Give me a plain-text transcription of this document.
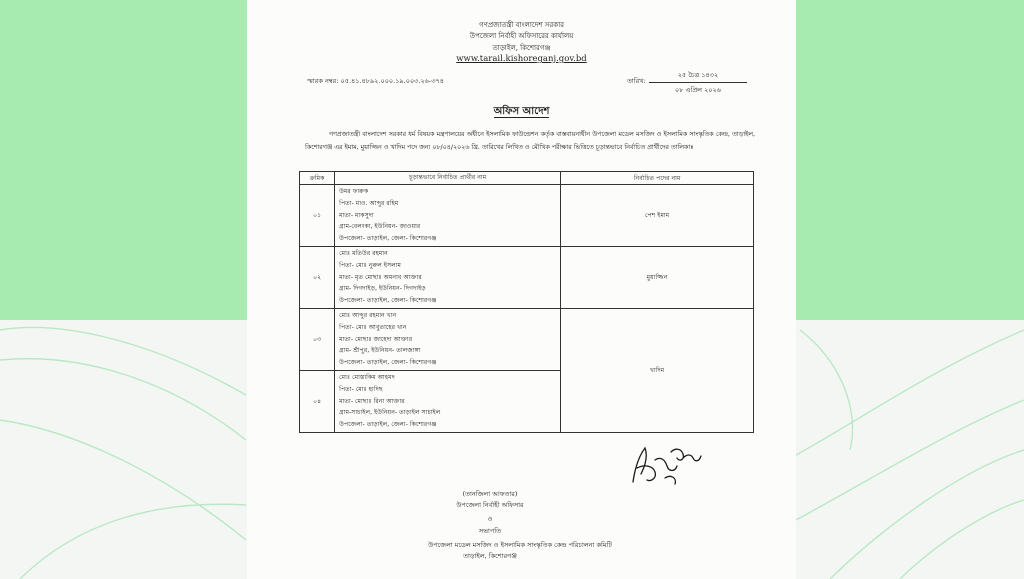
গণপ্রজাতন্ত্রী বাংলাদেশ সরকার
উপজেলা নির্বাহী অফিসারের কার্যালয়
তাড়াইল, কিশোরগঞ্জ
www.tarail.kishoreganj.gov.bd
স্মারক নম্বর: ০৫.৪১.৪৮৯২.০০০.১৯.০০৩.২৬-৩৭৪	তারিখ:
২৫ চৈত্র ১৪৩২
০৮ এপ্রিল ২০২৬
অফিস আদেশ
গণপ্রজাতন্ত্রী বাংলাদেশ সরকার ধর্ম বিষয়ক মন্ত্রণালয়ের অধীনে ইসলামিক ফাউন্ডেশন কর্তৃক বাস্তবায়নাধীন উপজেলা মডেল মসজিদ ও ইসলামিক সাংস্কৃতিক কেন্দ্র, তাড়াইল, কিশোরগঞ্জ এর ইমাম, মুয়াজ্জিন ও খাদিম পদে জন্য ০৮/০৪/২০২৬ খ্রি. তারিখের লিখিত ও মৌখিক পরীক্ষার ভিত্তিতে চূড়ান্তভাবে নির্বাচিত প্রার্থীদের তালিকাঃ
ক্রমিক	চূড়ান্তভাবে নির্বাচিত প্রার্থীর নাম	নির্বাচিত পদের নাম
০১	উমর ফারুক
পিতা- মাও. আব্দুর রহিম
মাতা- মাকসুদা
গ্রাম-বেলংকা, ইউনিয়ন- জাওয়ার
উপজেলা- তাড়াইল, জেলা- কিশোরগঞ্জ	পেশ ইমাম
০২	মোঃ মতিউর রহমান
পিতা- মোঃ নুরুল ইসলাম
মাতা- মৃত মোছাঃ অমনাব আক্তার
গ্রাম- দিগদাইড়, ইউনিয়ন- দিগদাইড়
উপজেলা- তাড়াইল, জেলা- কিশোরগঞ্জ	মুয়াজ্জিন
০৩	মোঃ আব্দুর রহমান খান
পিতা- মোঃ আবুতাহের খান
মাতা- মোছাঃ জাহেদা আক্তার
গ্রাম- শ্রীপুর, ইউনিয়ন- তালজাঙ্গা
উপজেলা- তাড়াইল, জেলা- কিশোরগঞ্জ	খাদিম
০৪	মোঃ মোস্তাকিম আহমদ
পিতা- মোঃ হাদিছ
মাতা- মোছাঃ রিনা আক্তার
গ্রাম-সাচাইল, ইউনিয়ন- তাড়াইল সাচাইল
উপজেলা- তাড়াইল, জেলা- কিশোরগঞ্জ	
(তানজিলা আফতার)
উপজেলা নির্বাহী অফিসার
ও
সভাপতি
উপজেলা মডেল মসজিদ ও ইসলামিক সাংস্কৃতিক কেন্দ্র পরিচালনা কমিটি
তাড়াইল, কিশোরগঞ্জ
